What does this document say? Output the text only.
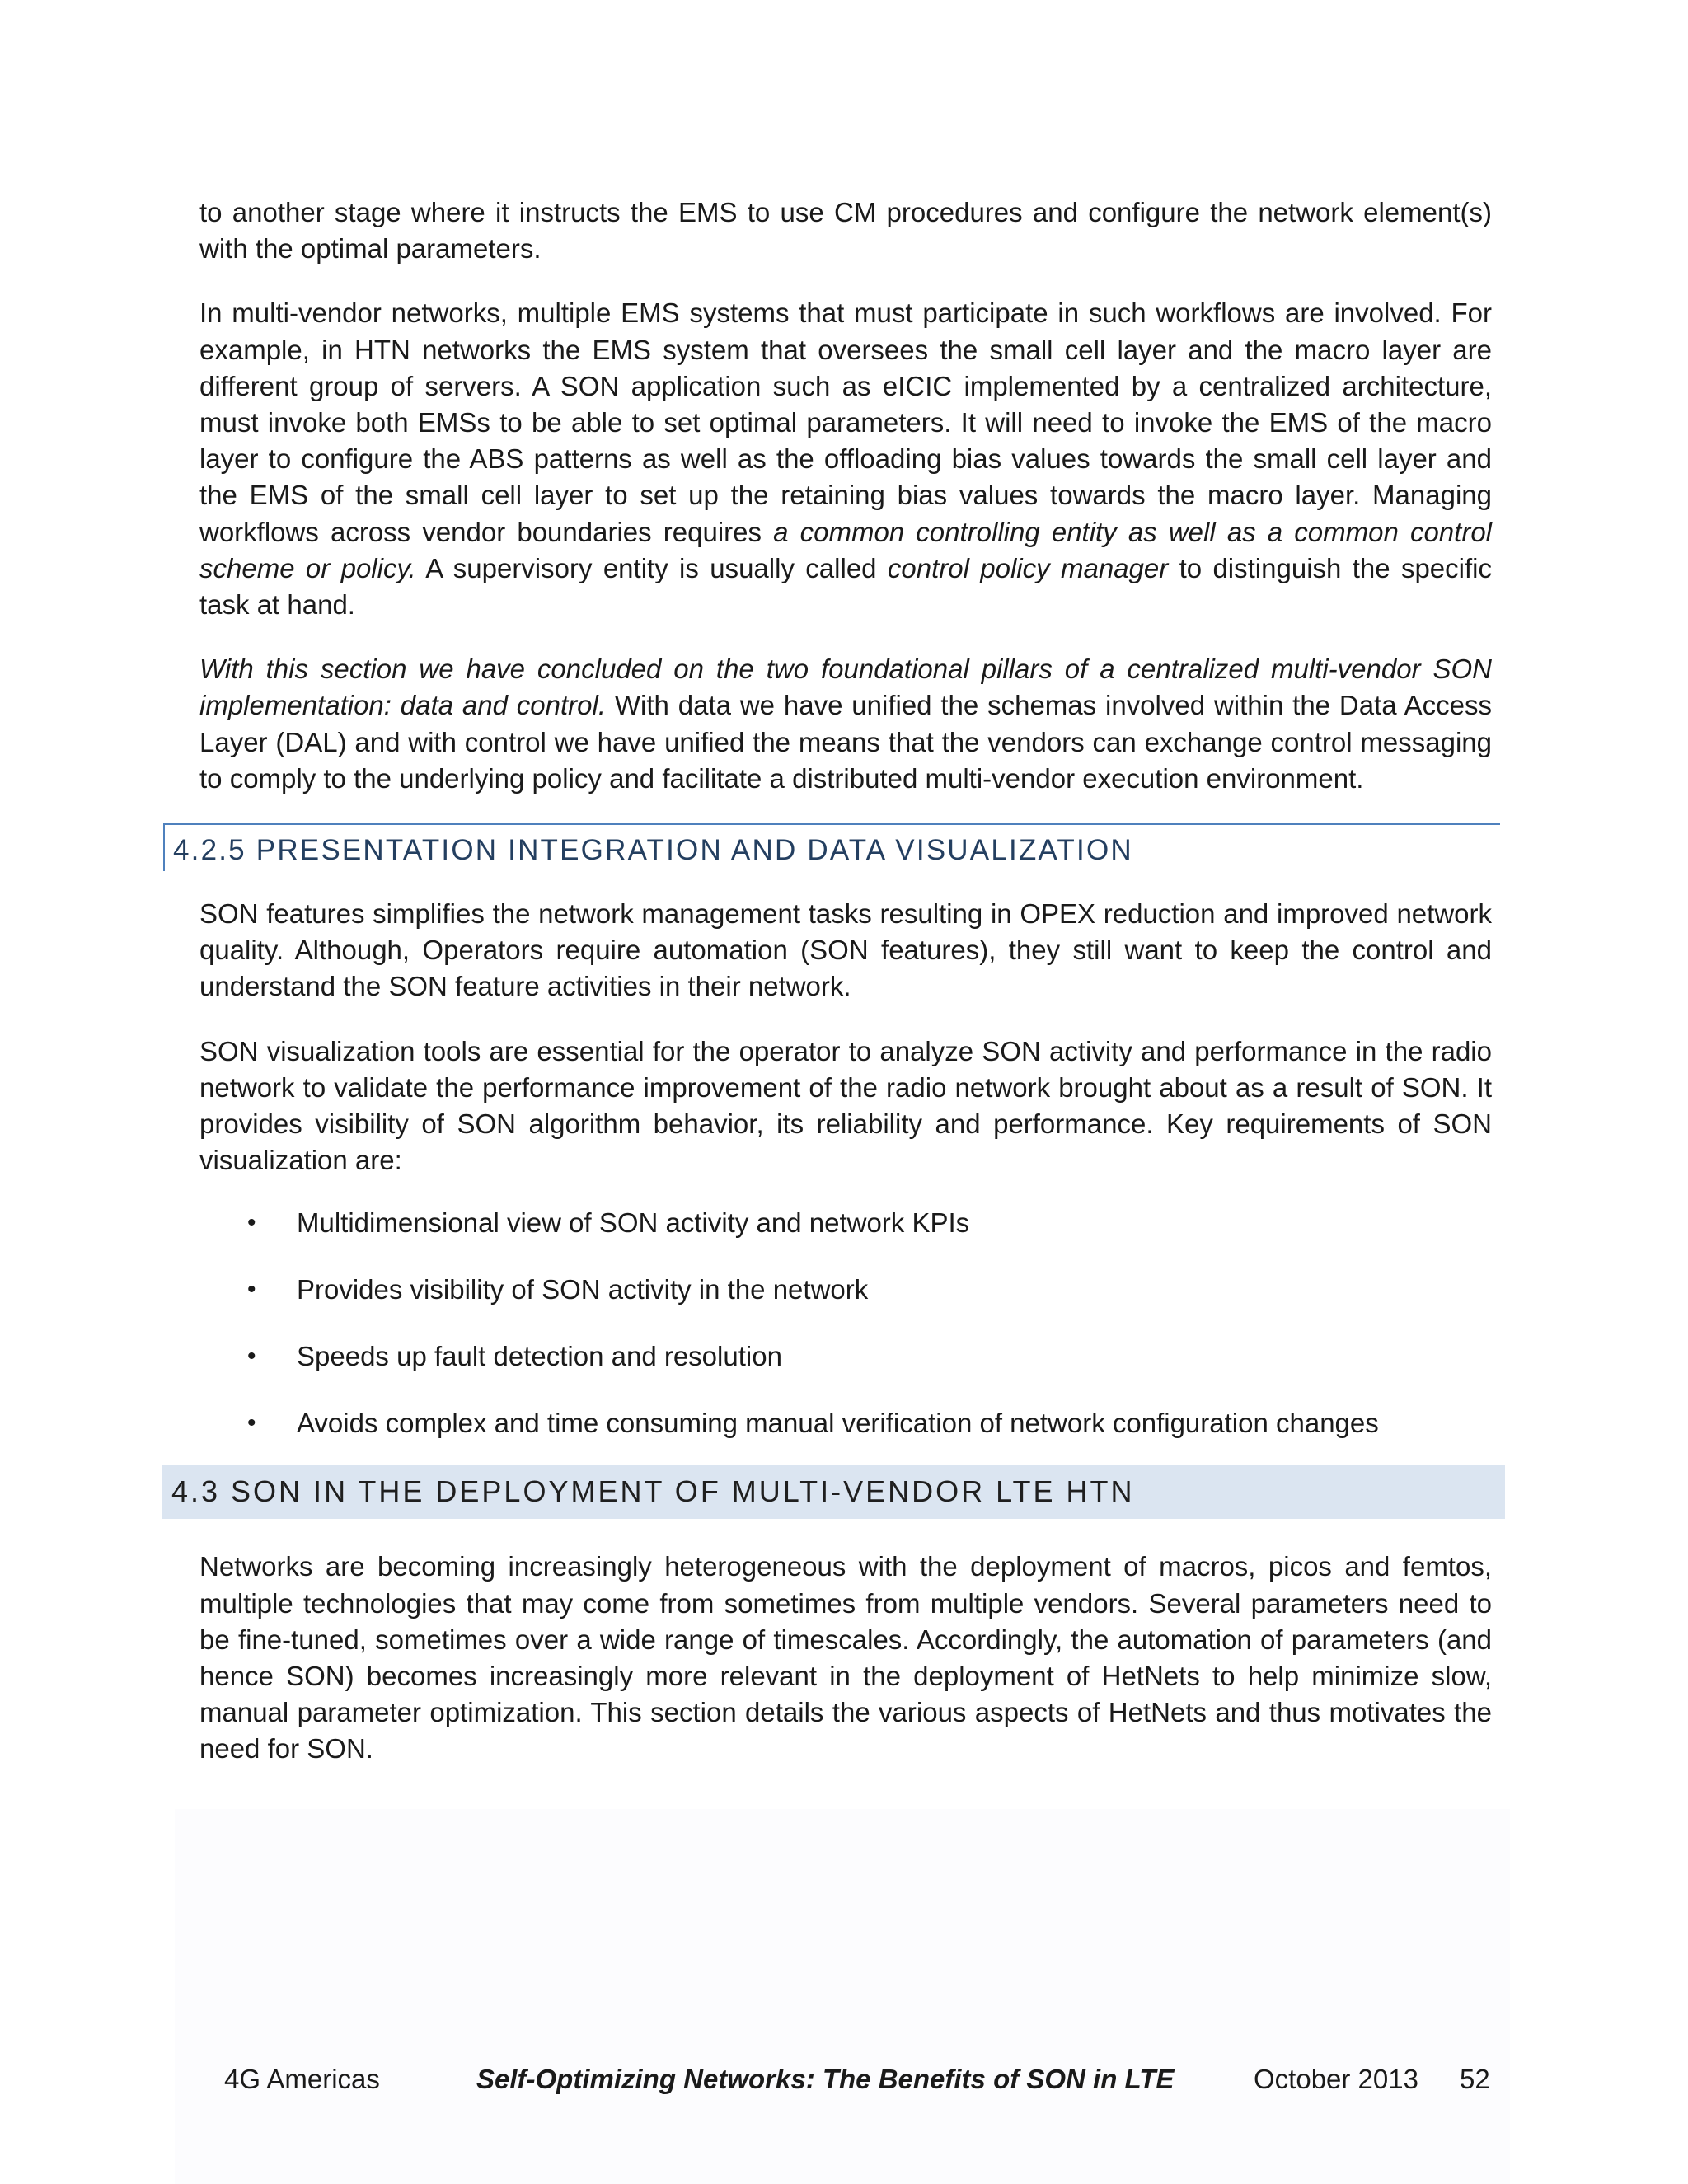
to another stage where it instructs the EMS to use CM procedures and configure the network element(s) with the optimal parameters.

In multi-vendor networks, multiple EMS systems that must participate in such workflows are involved. For example, in HTN networks the EMS system that oversees the small cell layer and the macro layer are different group of servers. A SON application such as eICIC implemented by a centralized architecture, must invoke both EMSs to be able to set optimal parameters. It will need to invoke the EMS of the macro layer to configure the ABS patterns as well as the offloading bias values towards the small cell layer and the EMS of the small cell layer to set up the retaining bias values towards the macro layer. Managing workflows across vendor boundaries requires a common controlling entity as well as a common control scheme or policy. A supervisory entity is usually called control policy manager to distinguish the specific task at hand.

With this section we have concluded on the two foundational pillars of a centralized multi-vendor SON implementation: data and control. With data we have unified the schemas involved within the Data Access Layer (DAL) and with control we have unified the means that the vendors can exchange control messaging to comply to the underlying policy and facilitate a distributed multi-vendor execution environment.

4.2.5 PRESENTATION INTEGRATION AND DATA VISUALIZATION

SON features simplifies the network management tasks resulting in OPEX reduction and improved network quality. Although, Operators require automation (SON features), they still want to keep the control and understand the SON feature activities in their network.

SON visualization tools are essential for the operator to analyze SON activity and performance in the radio network to validate the performance improvement of the radio network brought about as a result of SON. It provides visibility of SON algorithm behavior, its reliability and performance. Key requirements of SON visualization are:

• Multidimensional view of SON activity and network KPIs
• Provides visibility of SON activity in the network
• Speeds up fault detection and resolution
• Avoids complex and time consuming manual verification of network configuration changes
4.3 SON IN THE DEPLOYMENT OF MULTI-VENDOR LTE HTN

Networks are becoming increasingly heterogeneous with the deployment of macros, picos and femtos, multiple technologies that may come from sometimes from multiple vendors. Several parameters need to be fine-tuned, sometimes over a wide range of timescales. Accordingly, the automation of parameters (and hence SON) becomes increasingly more relevant in the deployment of HetNets to help minimize slow, manual parameter optimization. This section details the various aspects of HetNets and thus motivates the need for SON.

4G Americas	Self-Optimizing Networks: The Benefits of SON in LTE	October 2013 52
